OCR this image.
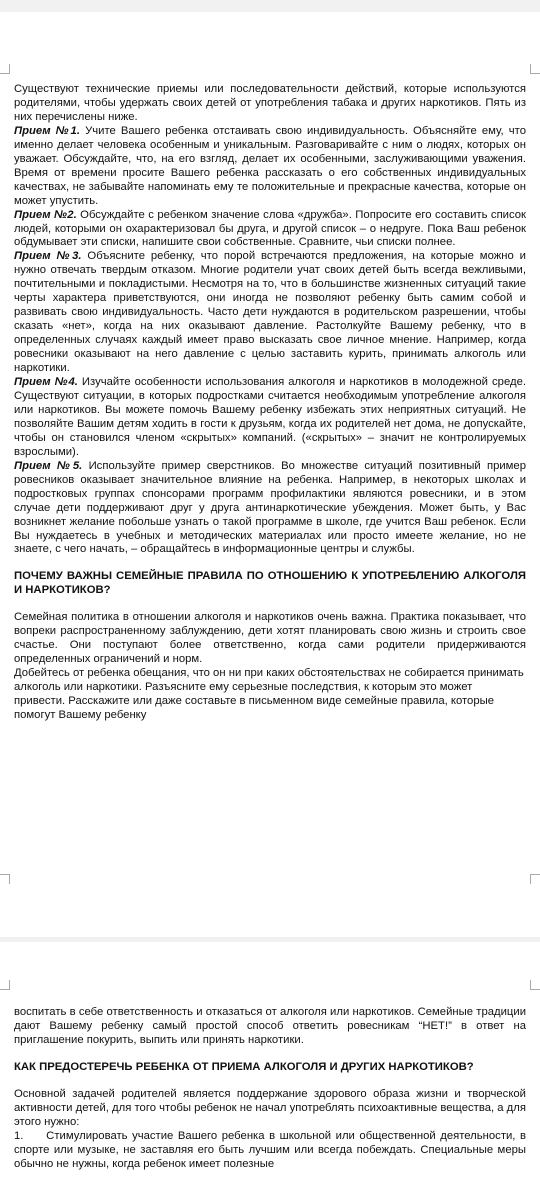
Существуют технические приемы или последовательности действий, которые используются родителями, чтобы удержать своих детей от употребления табака и других наркотиков. Пять из них перечислены ниже.

Прием №1. Учите Вашего ребенка отстаивать свою индивидуальность. Объясняйте ему, что именно делает человека особенным и уникальным. Разговаривайте с ним о людях, которых он уважает. Обсуждайте, что, на его взгляд, делает их особенными, заслуживающими уважения. Время от времени просите Вашего ребенка рассказать о его собственных индивидуальных качествах, не забывайте напоминать ему те положительные и прекрасные качества, которые он может упустить.

Прием №2. Обсуждайте с ребенком значение слова «дружба». Попросите его составить список людей, которыми он охарактеризовал бы друга, и другой список – о недруге. Пока Ваш ребенок обдумывает эти списки, напишите свои собственные. Сравните, чьи списки полнее.

Прием №3. Объясните ребенку, что порой встречаются предложения, на которые можно и нужно отвечать твердым отказом. Многие родители учат своих детей быть всегда вежливыми, почтительными и покладистыми. Несмотря на то, что в большинстве жизненных ситуаций такие черты характера приветствуются, они иногда не позволяют ребенку быть самим собой и развивать свою индивидуальность. Часто дети нуждаются в родительском разрешении, чтобы сказать «нет», когда на них оказывают давление. Растолкуйте Вашему ребенку, что в определенных случаях каждый имеет право высказать свое личное мнение. Например, когда ровесники оказывают на него давление с целью заставить курить, принимать алкоголь или наркотики.

Прием №4. Изучайте особенности использования алкоголя и наркотиков в молодежной среде. Существуют ситуации, в которых подростками считается необходимым употребление алкоголя или наркотиков. Вы можете помочь Вашему ребенку избежать этих неприятных ситуаций. Не позволяйте Вашим детям ходить в гости к друзьям, когда их родителей нет дома, не допускайте, чтобы он становился членом «скрытых» компаний. («скрытых» – значит не контролируемых взрослыми).

Прием №5. Используйте пример сверстников. Во множестве ситуаций позитивный пример ровесников оказывает значительное влияние на ребенка. Например, в некоторых школах и подростковых группах спонсорами программ профилактики являются ровесники, и в этом случае дети поддерживают друг у друга антинаркотические убеждения. Может быть, у Вас возникнет желание побольше узнать о такой программе в школе, где учится Ваш ребенок. Если Вы нуждаетесь в учебных и методических материалах или просто имеете желание, но не знаете, с чего начать, – обращайтесь в информационные центры и службы.

ПОЧЕМУ ВАЖНЫ СЕМЕЙНЫЕ ПРАВИЛА ПО ОТНОШЕНИЮ К УПОТРЕБЛЕНИЮ АЛКОГОЛЯ И НАРКОТИКОВ?

Семейная политика в отношении алкоголя и наркотиков очень важна. Практика показывает, что вопреки распространенному заблуждению, дети хотят планировать свою жизнь и строить свое счастье. Они поступают более ответственно, когда сами родители придерживаются определенных ограничений и норм.

Добейтесь от ребенка обещания, что он ни при каких обстоятельствах не собирается принимать алкоголь или наркотики. Разъясните ему серьезные последствия, к которым это может привести. Расскажите или даже составьте в письменном виде семейные правила, которые помогут Вашему ребенку

воспитать в себе ответственность и отказаться от алкоголя или наркотиков. Семейные традиции дают Вашему ребенку самый простой способ ответить ровесникам “НЕТ!” в ответ на приглашение покурить, выпить или принять наркотики.

КАК ПРЕДОСТЕРЕЧЬ РЕБЕНКА ОТ ПРИЕМА АЛКОГОЛЯ И ДРУГИХ НАРКОТИКОВ?

Основной задачей родителей является поддержание здорового образа жизни и творческой активности детей, для того чтобы ребенок не начал употреблять психоактивные вещества, а для этого нужно:

1.     Стимулировать участие Вашего ребенка в школьной или общественной деятельности, в спорте или музыке, не заставляя его быть лучшим или всегда побеждать. Специальные меры обычно не нужны, когда ребенок имеет полезные
